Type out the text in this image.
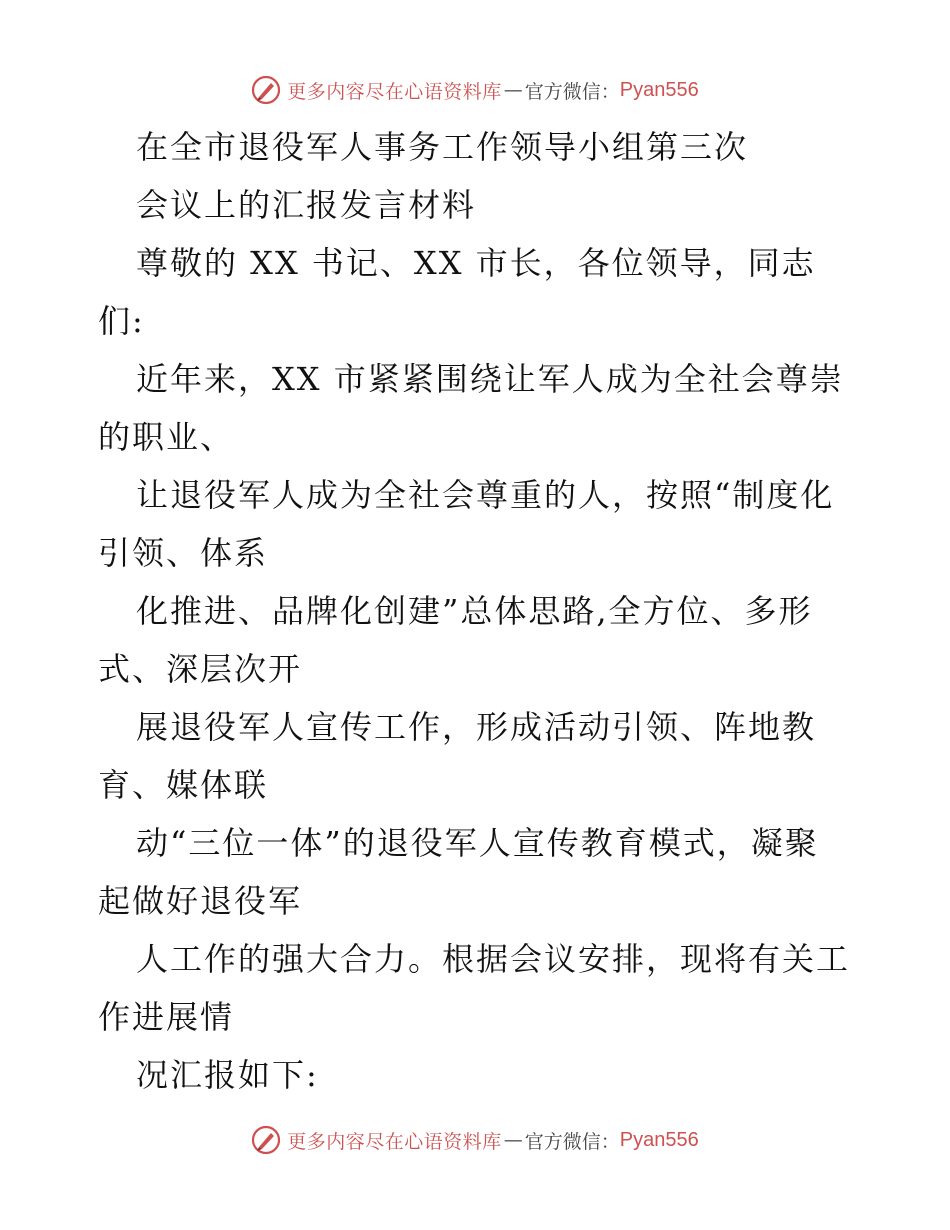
更多内容尽在心语资料库 — 官方微信： Pyan556
在全市退役军人事务工作领导小组第三次
会议上的汇报发言材料
尊敬的 XX 书记、XX 市长，各位领导，同志
们:
近年来，XX 市紧紧围绕让军人成为全社会尊崇
的职业、
让退役军人成为全社会尊重的人，按照“制度化
引领、体系
化推进、品牌化创建”总体思路,全方位、多形
式、深层次开
展退役军人宣传工作，形成活动引领、阵地教
育、媒体联
动“三位一体”的退役军人宣传教育模式，凝聚
起做好退役军
人工作的强大合力。根据会议安排，现将有关工
作进展情
况汇报如下:
更多内容尽在心语资料库 — 官方微信： Pyan556
